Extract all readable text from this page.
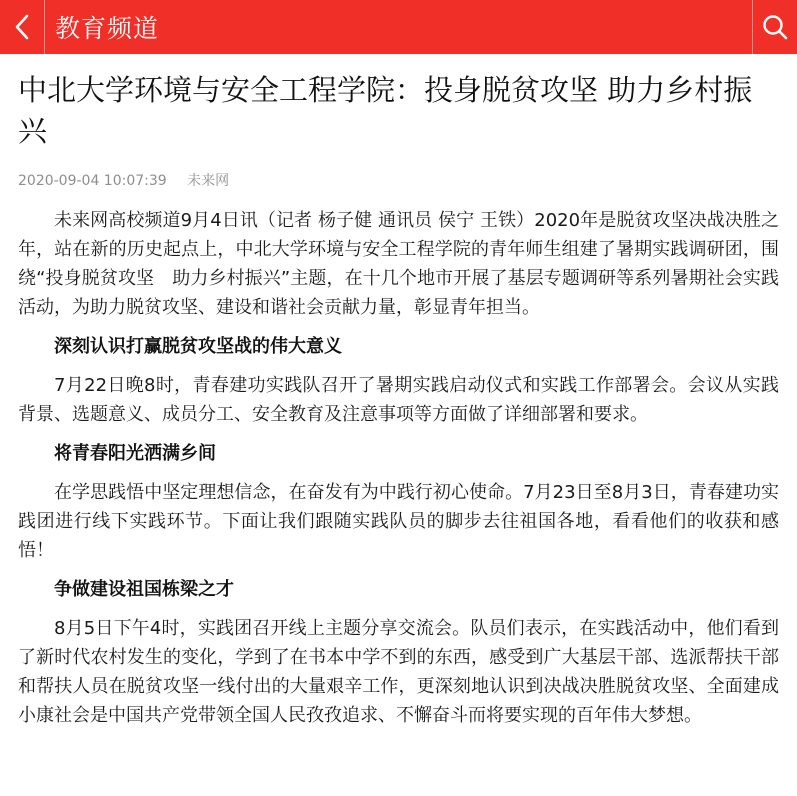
教育频道
中北大学环境与安全工程学院：投身脱贫攻坚 助力乡村振兴
2020-09-04 10:07:39 未来网

未来网高校频道9月4日讯（记者 杨子健 通讯员 侯宁 王铁）2020年是脱贫攻坚决战决胜之年，站在新的历史起点上，中北大学环境与安全工程学院的青年师生组建了暑期实践调研团，围绕“投身脱贫攻坚　助力乡村振兴”主题，在十几个地市开展了基层专题调研等系列暑期社会实践活动，为助力脱贫攻坚、建设和谐社会贡献力量，彰显青年担当。

深刻认识打赢脱贫攻坚战的伟大意义

7月22日晚8时，青春建功实践队召开了暑期实践启动仪式和实践工作部署会。会议从实践背景、选题意义、成员分工、安全教育及注意事项等方面做了详细部署和要求。

将青春阳光洒满乡间

在学思践悟中坚定理想信念，在奋发有为中践行初心使命。7月23日至8月3日，青春建功实践团进行线下实践环节。下面让我们跟随实践队员的脚步去往祖国各地，看看他们的收获和感悟！

争做建设祖国栋梁之才

8月5日下午4时，实践团召开线上主题分享交流会。队员们表示，在实践活动中，他们看到了新时代农村发生的变化，学到了在书本中学不到的东西，感受到广大基层干部、选派帮扶干部和帮扶人员在脱贫攻坚一线付出的大量艰辛工作，更深刻地认识到决战决胜脱贫攻坚、全面建成小康社会是中国共产党带领全国人民孜孜追求、不懈奋斗而将要实现的百年伟大梦想。
